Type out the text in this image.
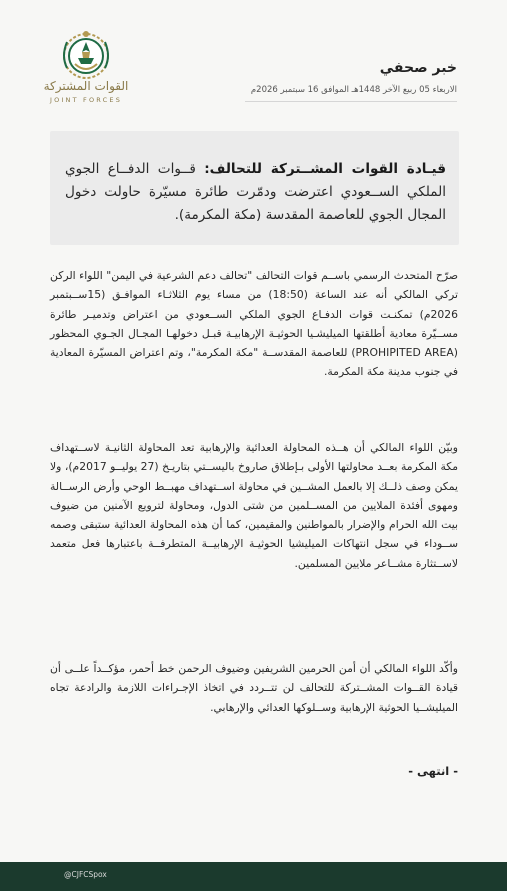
القوات المشتركة
JOINT FORCES
خبر صحفي
الاربعاء 05 ربيع الآخر 1448هـ الموافق 16 سبتمبر 2026م
قيـادة القوات المشــتركة للتحالف: قــوات الدفــاع الجوي الملكي الســعودي اعترضت ودمّرت طائرة مسيّرة حاولت دخول المجال الجوي للعاصمة المقدسة (مكة المكرمة).
صرّح المتحدث الرسمي باســم قوات التحالف "تحالف دعم الشرعية في اليمن" اللواء الركن تركي المالكي أنه عند الساعة (18:50) من مساء يوم الثلاثـاء الموافـق (15ســبتمبر 2026م) تمكنـت قوات الدفـاع الجوي الملكي الســعودي من اعتراض وتدميـر طائرة مســيّرة معادية أطلقتها الميليشـيا الحوثيـة الإرهابيـة قبـل دخولهـا المجـال الجـوي المحظور (PROHIPITED AREA) للعاصمة المقدســة "مكة المكرمة"، وتم اعتراض المسيّرة المعادية في جنوب مدينة مكة المكرمة.
وبيّن اللواء المالكي أن هــذه المحاولة العدائية والإرهابية تعد المحاولة الثانيـة لاســتهداف مكة المكرمة بعــد محاولتها الأولى بـإطلاق صاروخ باليســتي بتاريـخ (27 يوليــو 2017م)، ولا يمكن وصف ذلــك إلا بالعمل المشــين في محاولة اســتهداف مهبــط الوحي وأرض الرســالة ومهوى أفئدة الملايين من المســلمين من شتى الدول، ومحاولة لترويع الآمنين من ضيوف بيت الله الحرام والإضرار بالمواطنين والمقيمين، كما أن هذه المحاولة العدائية ستبقى وصمه ســوداء في سجل انتهاكات الميليشيا الحوثيـة الإرهابيــة المتطرفــة باعتبارها فعل متعمد لاســتثارة مشــاعر ملايين المسلمين.
وأكّد اللواء المالكي أن أمن الحرمين الشريفين وضيوف الرحمن خط أحمر، مؤكــداً علــى أن قيادة القــوات المشــتركة للتحالف لن تتــردد في اتخاذ الإجـراءات اللازمة والرادعة تجاه الميليشــيا الحوثية الإرهابية وســلوكها العدائي والإرهابي.
- انتهى -
@CJFCSpox
